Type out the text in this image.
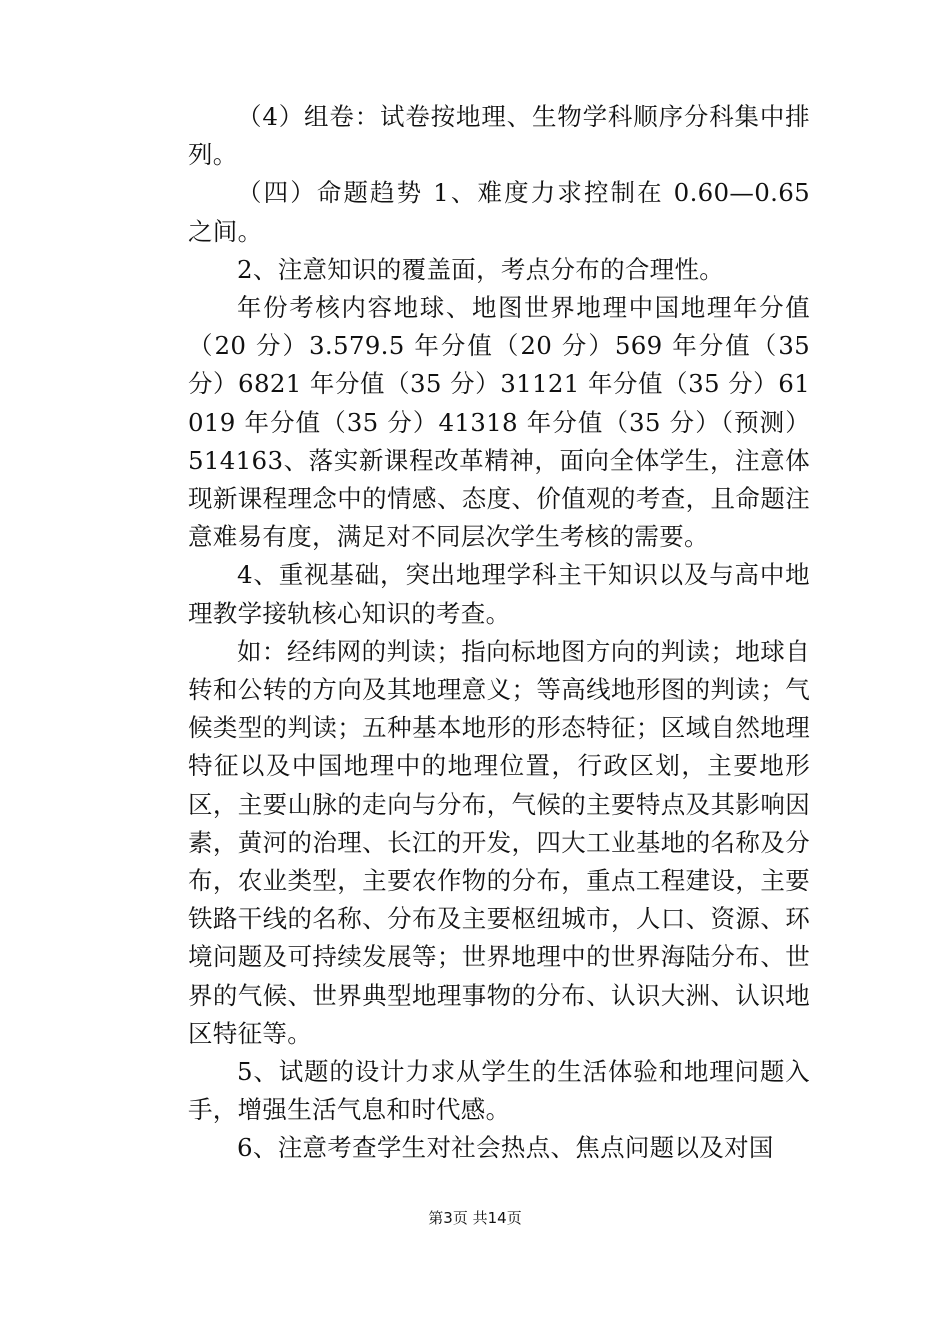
（4）组卷：试卷按地理、生物学科顺序分科集中排列。

（四）命题趋势 1、难度力求控制在 0.60—0.65 之间。

2、注意知识的覆盖面，考点分布的合理性。

年份考核内容地球、地图世界地理中国地理年分值（20 分）3.579.5 年分值（20 分）569 年分值（35 分）6821 年分值（35 分）31121 年分值（35 分）61019 年分值（35 分）41318 年分值（35 分）（预测）514163、落实新课程改革精神，面向全体学生，注意体现新课程理念中的情感、态度、价值观的考查，且命题注意难易有度，满足对不同层次学生考核的需要。

4、重视基础，突出地理学科主干知识以及与高中地理教学接轨核心知识的考查。

如：经纬网的判读；指向标地图方向的判读；地球自转和公转的方向及其地理意义；等高线地形图的判读；气候类型的判读；五种基本地形的形态特征；区域自然地理特征以及中国地理中的地理位置，行政区划，主要地形区，主要山脉的走向与分布，气候的主要特点及其影响因素，黄河的治理、长江的开发，四大工业基地的名称及分布，农业类型，主要农作物的分布，重点工程建设，主要铁路干线的名称、分布及主要枢纽城市，人口、资源、环境问题及可持续发展等；世界地理中的世界海陆分布、世界的气候、世界典型地理事物的分布、认识大洲、认识地区特征等。

5、试题的设计力求从学生的生活体验和地理问题入手，增强生活气息和时代感。

6、注意考查学生对社会热点、焦点问题以及对国

第3页 共14页
